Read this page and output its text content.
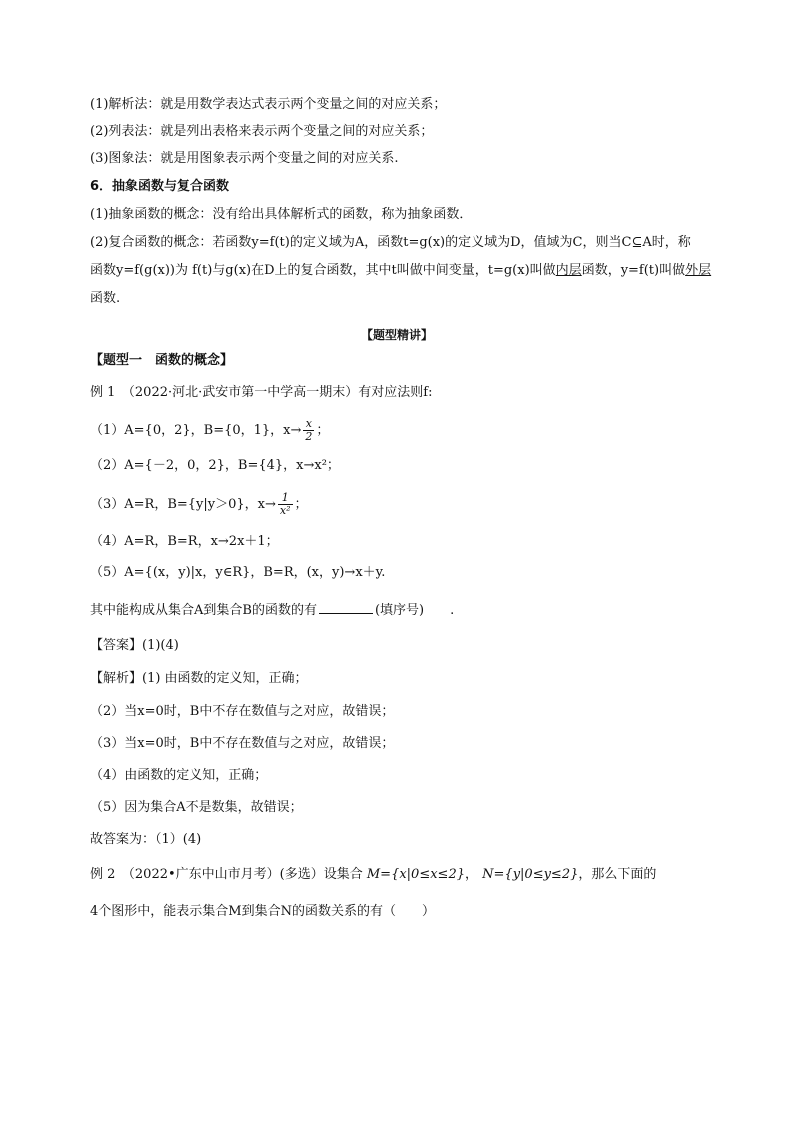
(1)解析法：就是用数学表达式表示两个变量之间的对应关系；
(2)列表法：就是列出表格来表示两个变量之间的对应关系；
(3)图象法：就是用图象表示两个变量之间的对应关系.
6．抽象函数与复合函数
(1)抽象函数的概念：没有给出具体解析式的函数，称为抽象函数．
(2)复合函数的概念：若函数y=f(t)的定义域为A，函数t=g(x)的定义域为D，值域为C，则当C⊆A时，称
函数y=f(g(x))为 f(t)与g(x)在D上的复合函数，其中t叫做中间变量，t=g(x)叫做内层函数，y=f(t)叫做外层
函数.
【题型精讲】
【题型一　函数的概念】
例 1　（2022·河北·武安市第一中学高一期末）有对应法则f:
（1）A={0，2}，B={0，1}，$x\to \frac{x}{2}$ ；
（2）A={－2，0，2}，B={4}，x→x²；
（3）A=R，B={y|y＞0}，$x\to \frac{1}{\text{x²}}$ ；
（4）A=R，B=R，x→2x＋1；
（5）A={(x，y)|x，y∈R}，B=R，(x，y)→x＋y.
其中能构成从集合A到集合B的函数的有	(填序号)　　.
【答案】(1)(4)
【解析】(1) 由函数的定义知，正确；
（2）当x=0时，B中不存在数值与之对应，故错误；
（3）当x=0时，B中不存在数值与之对应，故错误；
（4）由函数的定义知，正确；
（5）因为集合A不是数集，故错误；
故答案为：（1）(4)
例 2　（2022•广东中山市月考）(多选）设集合 M={x|0≤x≤2}， N={y|0≤y≤2}，那么下面的
4个图形中，能表示集合M到集合N的函数关系的有（　　）
